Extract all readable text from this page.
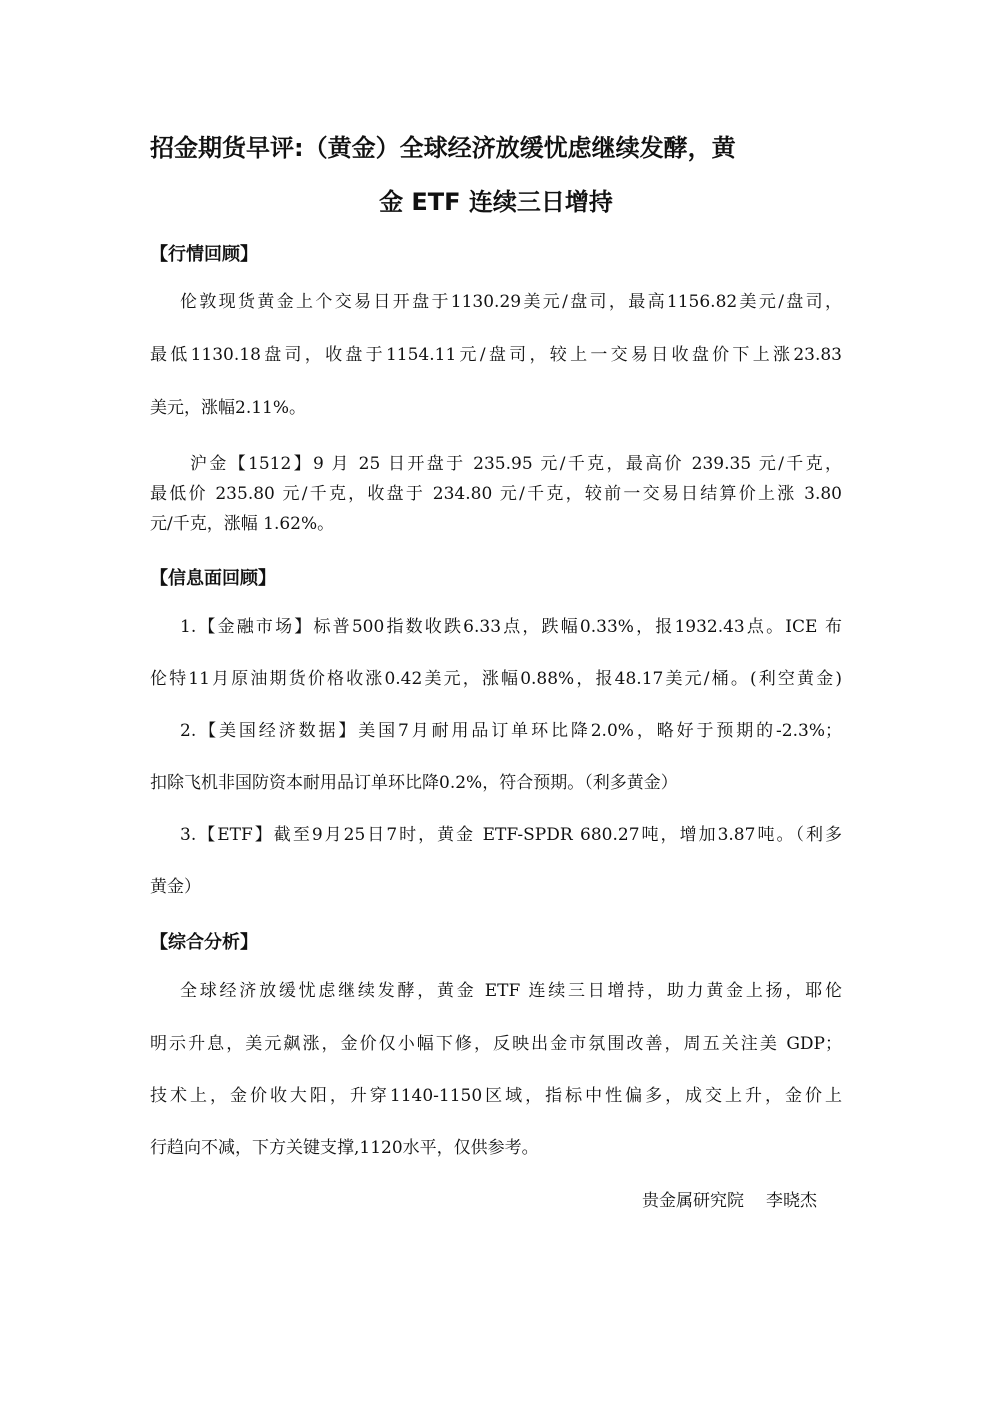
招金期货早评:（黄金）全球经济放缓忧虑继续发酵，黄
金 ETF 连续三日增持
【行情回顾】
伦敦现货黄金上个交易日开盘于1130.29美元/盘司，最高1156.82美元/盘司，
最低1130.18盘司，收盘于1154.11元/盘司，较上一交易日收盘价下上涨23.83
美元，涨幅2.11%。
沪金【1512】9 月 25 日开盘于 235.95 元/千克，最高价 239.35 元/千克，
最低价 235.80 元/千克，收盘于 234.80 元/千克，较前一交易日结算价上涨 3.80
元/千克，涨幅 1.62%。
【信息面回顾】
1.【金融市场】标普500指数收跌6.33点，跌幅0.33%，报1932.43点。ICE 布
伦特11月原油期货价格收涨0.42美元，涨幅0.88%，报48.17美元/桶。(利空黄金)
2.【美国经济数据】美国7月耐用品订单环比降2.0%，略好于预期的-2.3%；
扣除飞机非国防资本耐用品订单环比降0.2%，符合预期。（利多黄金）
3.【ETF】截至9月25日7时，黄金 ETF-SPDR 680.27吨，增加3.87吨。（利多
黄金）
【综合分析】
全球经济放缓忧虑继续发酵，黄金 ETF 连续三日增持，助力黄金上扬，耶伦
明示升息，美元飙涨，金价仅小幅下修，反映出金市氛围改善，周五关注美 GDP；
技术上，金价收大阳，升穿1140-1150区域，指标中性偏多，成交上升，金价上
行趋向不减，下方关键支撑,1120水平，仅供参考。
贵金属研究院 李晓杰
